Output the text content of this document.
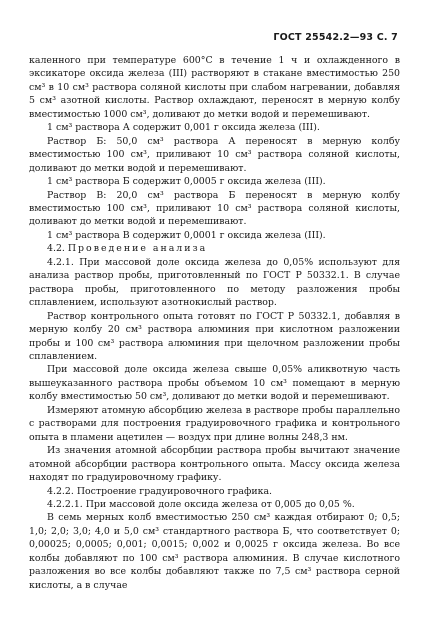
ГОСТ 25542.2—93 С. 7

каленного при температуре 600°С в течение 1 ч и охлажденного в эксикаторе оксида железа (III) растворяют в стакане вместимостью 250 см³ в 10 см³ раствора соляной кислоты при слабом нагревании, добавляя 5 см³ азотной кислоты. Раствор охлаждают, переносят в мерную колбу вместимостью 1000 см³, доливают до метки водой и перемешивают.

1 см³ раствора А содержит 0,001 г оксида железа (III).

Раствор Б: 50,0 см³ раствора А переносят в мерную колбу вместимостью 100 см³, приливают 10 см³ раствора соляной кислоты, доливают до метки водой и перемешивают.

1 см³ раствора Б содержит 0,0005 г оксида железа (III).

Раствор В: 20,0 см³ раствора Б переносят в мерную колбу вместимостью 100 см³, приливают 10 см³ раствора соляной кислоты, доливают до метки водой и перемешивают.

1 см³ раствора В содержит 0,0001 г оксида железа (III).

4.2. Проведение анализа

4.2.1. При массовой доле оксида железа до 0,05% используют для анализа раствор пробы, приготовленный по ГОСТ Р 50332.1. В случае раствора пробы, приготовленного по методу разложения пробы сплавлением, используют азотнокислый раствор.

Раствор контрольного опыта готовят по ГОСТ Р 50332.1, добавляя в мерную колбу 20 см³ раствора алюминия при кислотном разложении пробы и 100 см³ раствора алюминия при щелочном разложении пробы сплавлением.

При массовой доле оксида железа свыше 0,05% аликвотную часть вышеуказанного раствора пробы объемом 10 см³ помещают в мерную колбу вместимостью 50 см³, доливают до метки водой и перемешивают.

Измеряют атомную абсорбцию железа в растворе пробы параллельно с растворами для построения градуировочного графика и контрольного опыта в пламени ацетилен — воздух при длине волны 248,3 нм.

Из значения атомной абсорбции раствора пробы вычитают значение атомной абсорбции раствора контрольного опыта. Массу оксида железа находят по градуировочному графику.

4.2.2. Построение градуировочного графика.

4.2.2.1. При массовой доле оксида железа от 0,005 до 0,05 %.

В семь мерных колб вместимостью 250 см³ каждая отбирают 0; 0,5; 1,0; 2,0; 3,0; 4,0 и 5,0 см³ стандартного раствора Б, что соответствует 0; 0,00025; 0,0005; 0,001; 0,0015; 0,002 и 0,0025 г оксида железа. Во все колбы добавляют по 100 см³ раствора алюминия. В случае кислотного разложения во все колбы добавляют также по 7,5 см³ раствора серной кислоты, а в случае
